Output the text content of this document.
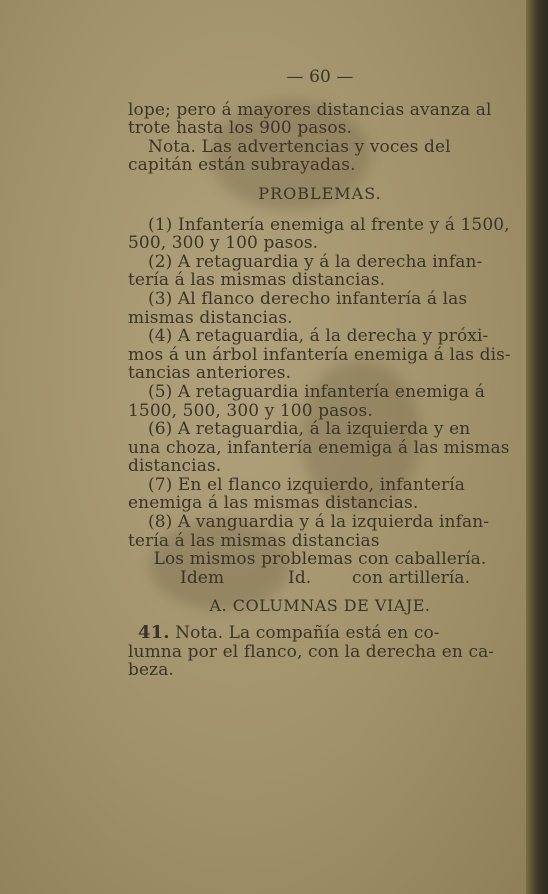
— 60 —

lope; pero á mayores distancias avanza al

trote hasta los 900 pasos.

Nota. Las advertencias y voces del

capitán están subrayadas.

PROBLEMAS.

(1) Infantería enemiga al frente y á 1500,

500, 300 y 100 pasos.

(2) A retaguardia y á la derecha infan-

tería á las mismas distancias.

(3) Al flanco derecho infantería á las

mismas distancias.

(4) A retaguardia, á la derecha y próxi-

mos á un árbol infantería enemiga á las dis-

tancias anteriores.

(5) A retaguardia infantería enemiga á

1500, 500, 300 y 100 pasos.

(6) A retaguardia, á la izquierda y en

una choza, infantería enemiga á las mismas

distancias.

(7) En el flanco izquierdo, infantería

enemiga á las mismas distancias.

(8) A vanguardia y á la izquierda infan-

tería á las mismas distancias

Los mismos problemas con caballería.

Idem	Id.	con artillería.
A. COLUMNAS DE VIAJE.

41. Nota. La compañía está en co-

lumna por el flanco, con la derecha en ca-

beza.
